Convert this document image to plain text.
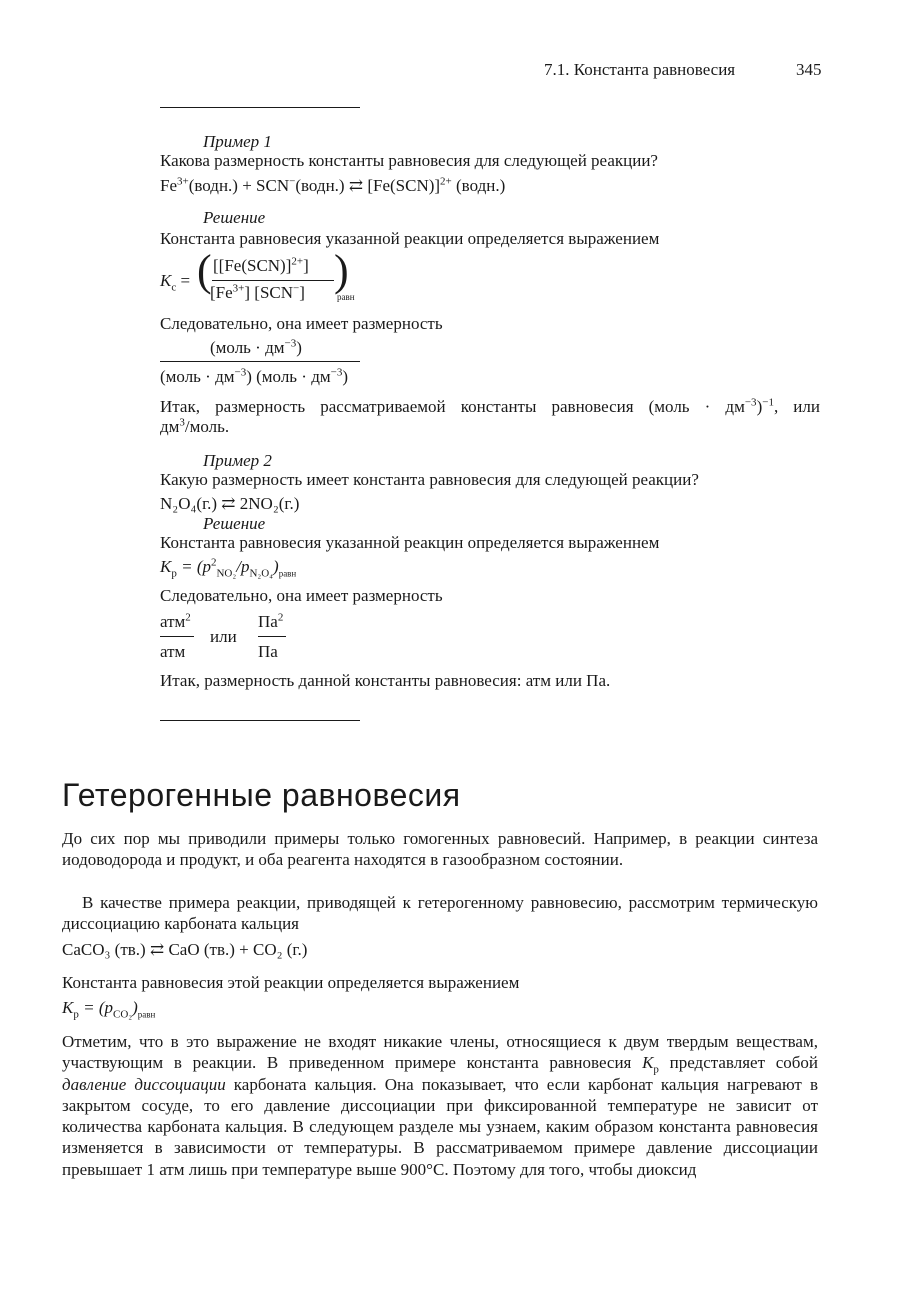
7.1. Константа равновесия	345
Пример 1
Какова размерность константы равновесия для следующей реакции?
$Fe^{3+}(водн.)$ + SCN−(водн.) ⇄ $[Fe(SCN)]^{2+}$ (водн.)
Решение
Константа равновесия указанной реакции определяется выражением
$K_c$ = ( $[[Fe(SCN)]^{2+}]$
$[Fe^{3+}]$ [SCN−] )
равн
Следовательно, она имеет размерность
(моль · $дм^{-3}$)
(моль · $дм^{-3}$) (моль · $дм^{-3}$)
Итак, размерность рассматриваемой константы равновесия (моль · $дм^{-3})^{-1}$, или
$дм^3$/моль.
Пример 2
Какую размерность имеет константа равновесия для следующей реакции?
N₂O₄(г.) ⇄ 2NO₂(г.)
Решение
Константа равновесия указанной реакцин определяется выраженнем
$K_p = (p^2_{NO_2}/p_{N_2O_4})_{равн}$
Следовательно, она имеет размерность
атм$^2$
атм
или
$Па^2$
Па
Итак, размерность данной константы равновесия: атм или Па.
Гетерогенные равновесия
До сих пор мы приводили примеры только гомогенных равновесий. Например, в реакции синтеза иодоводорода и продукт, и оба реагента находятся в газообразном состоянии.
В качестве примера реакции, приводящей к гетерогенному равновесию, рассмотрим термическую диссоциацию карбоната кальция
CaCO₃ (тв.) ⇄ CaO (тв.) + CO₂ (г.)
Константа равновесия этой реакции определяется выражением
$K_p = (p_{CO_2})_{равн}$
Отметим, что в это выражение не входят никакие члены, относящиеся к двум твердым веществам, участвующим в реакции. В приведенном примере константа равновесия $K_p$ представляет собой давление диссоциации карбоната кальция. Она показывает, что если карбонат кальция нагревают в закрытом сосуде, то его давление диссоциации при фиксированной температуре не зависит от количества карбоната кальция. В следующем разделе мы узнаем, каким образом константа равновесия изменяется в зависимости от температуры. В рассматриваемом примере давление диссоциации превышает 1 атм лишь при температуре выше 900°С. Поэтому для того, чтобы диоксид
